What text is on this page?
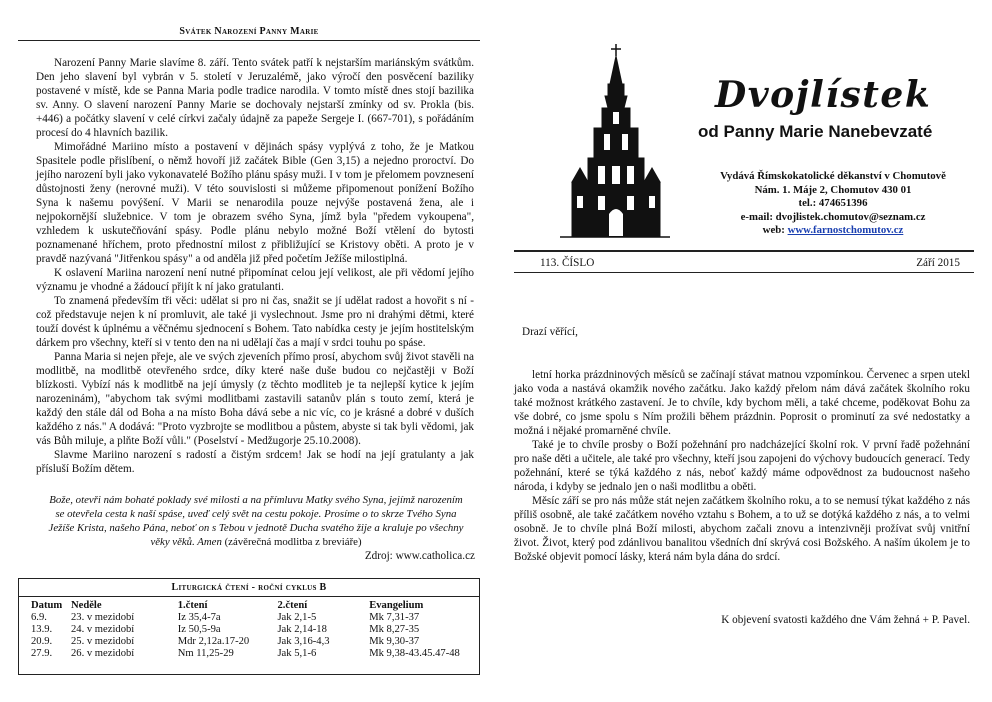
Svátek Narození Panny Marie

Narození Panny Marie slavíme 8. září. Tento svátek patří k nejstarším mariánským svátkům. Den jeho slavení byl vybrán v 5. století v Jeruzalémě, jako výročí den posvěcení baziliky postavené v místě, kde se Panna Maria podle tradice narodila. V tomto místě dnes stojí bazilika sv. Anny. O slavení narození Panny Marie se dochovaly nejstarší zmínky od sv. Prokla (bis. +446) a počátky slavení v celé církvi začaly údajně za papeže Sergeje I. (667-701), s pořádáním procesí do 4 hlavních bazilik.

Mimořádné Mariino místo a postavení v dějinách spásy vyplývá z toho, že je Matkou Spasitele podle přislíbení, o němž hovoří již začátek Bible (Gen 3,15) a nejedno proroctví. Do jejího narození byli jako vykonavatelé Božího plánu spásy muži. I v tom je přelomem povznesení důstojnosti ženy (nerovné muži). V této souvislosti si můžeme připomenout ponížení Božího Syna k našemu povýšení. V Marii se nenarodila pouze nejvýše postavená žena, ale i nejpokornější služebnice. V tom je obrazem svého Syna, jímž byla "předem vykoupena", vzhledem k uskutečňování spásy. Podle plánu nebylo možné Boží vtělení do bytosti poznamenané hříchem, proto přednostní milost z přibližující se Kristovy oběti. A proto je v pravdě nazývaná "Jitřenkou spásy" a od anděla již před početím Ježíše milostiplná.

K oslavení Mariina narození není nutné připomínat celou její velikost, ale při vědomí jejího významu je vhodné a žádoucí přijít k ní jako gratulanti.

To znamená především tři věci: udělat si pro ni čas, snažit se jí udělat radost a hovořit s ní - což představuje nejen k ní promluvit, ale také ji vyslechnout. Jsme pro ni drahými dětmi, které touží dovést k úplnému a věčnému sjednocení s Bohem. Tato nabídka cesty je jejím hostitelským dárkem pro všechny, kteří si v tento den na ni udělají čas a mají v srdci touhu po spáse.

Panna Maria si nejen přeje, ale ve svých zjeveních přímo prosí, abychom svůj život stavěli na modlitbě, na modlitbě otevřeného srdce, díky které naše duše budou co nejčastěji v Boží blízkosti. Vybízí nás k modlitbě na její úmysly (z těchto modliteb je ta nejlepší kytice k jejím narozeninám), "abychom tak svými modlitbami zastavili satanův plán s touto zemí, která je každý den stále dál od Boha a na místo Boha dává sebe a nic víc, co je krásné a dobré v duších každého z nás." A dodává: "Proto vyzbrojte se modlitbou a půstem, abyste si tak byli vědomi, jak vás Bůh miluje, a plňte Boží vůli." (Poselství - Medžugorje 25.10.2008).

Slavme Mariino narození s radostí a čistým srdcem! Jak se hodí na její gratulanty a jak přísluší Božím dětem.

Bože, otevři nám bohaté poklady své milosti a na přímluvu Matky svého Syna, jejímž narozením se otevřela cesta k naší spáse, uveď celý svět na cestu pokoje. Prosíme o to skrze Tvého Syna Ježíše Krista, našeho Pána, neboť on s Tebou v jednotě Ducha svatého žije a kraluje po všechny věky věků. Amen (závěrečná modlitba z breviáře)
Zdroj: www.catholica.cz
Liturgická čtení - roční cyklus B
Datum	Neděle	1.čtení	2.čtení	Evangelium
6.9.	23. v mezidobí	Iz 35,4-7a	Jak 2,1-5	Mk 7,31-37
13.9.	24. v mezidobí	Iz 50,5-9a	Jak 2,14-18	Mk 8,27-35
20.9.	25. v mezidobí	Mdr 2,12a.17-20	Jak 3,16-4,3	Mk 9,30-37
27.9.	26. v mezidobí	Nm 11,25-29	Jak 5,1-6	Mk 9,38-43.45.47-48
Dvojlístek
od Panny Marie Nanebevzaté
Vydává Římskokatolické děkanství v Chomutově
Nám. 1. Máje 2, Chomutov 430 01
tel.: 474651396
e-mail: dvojlistek.chomutov@seznam.cz
web: www.farnostchomutov.cz
113. ČÍSLO	Září 2015
Drazí věřící,

letní horka prázdninových měsíců se začínají stávat matnou vzpomínkou. Červenec a srpen utekl jako voda a nastává okamžik nového začátku. Jako každý přelom nám dává začátek školního roku také možnost krátkého zastavení. Je to chvíle, kdy bychom měli, a také chceme, poděkovat Bohu za vše dobré, co jsme spolu s Ním prožili během prázdnin. Poprosit o prominutí za své nedostatky a možná i nějaké promarněné chvíle.

Také je to chvíle prosby o Boží požehnání pro nadcházející školní rok. V první řadě požehnání pro naše děti a učitele, ale také pro všechny, kteří jsou zapojeni do výchovy budoucích generací. Tedy požehnání, které se týká každého z nás, neboť každý máme odpovědnost za budoucnost našeho národa, i kdyby se jednalo jen o naši modlitbu a oběti.

Měsíc září se pro nás může stát nejen začátkem školního roku, a to se nemusí týkat každého z nás příliš osobně, ale také začátkem nového vztahu s Bohem, a to už se dotýká každého z nás, a to velmi osobně. Je to chvíle plná Boží milosti, abychom začali znovu a intenzivněji prožívat svůj vnitřní život. Život, který pod zdánlivou banalitou všedních dní skrývá cosi Božského. A naším úkolem je to Božské objevit pomocí lásky, která nám byla dána do srdcí.

K objevení svatosti každého dne Vám žehná + P. Pavel.
